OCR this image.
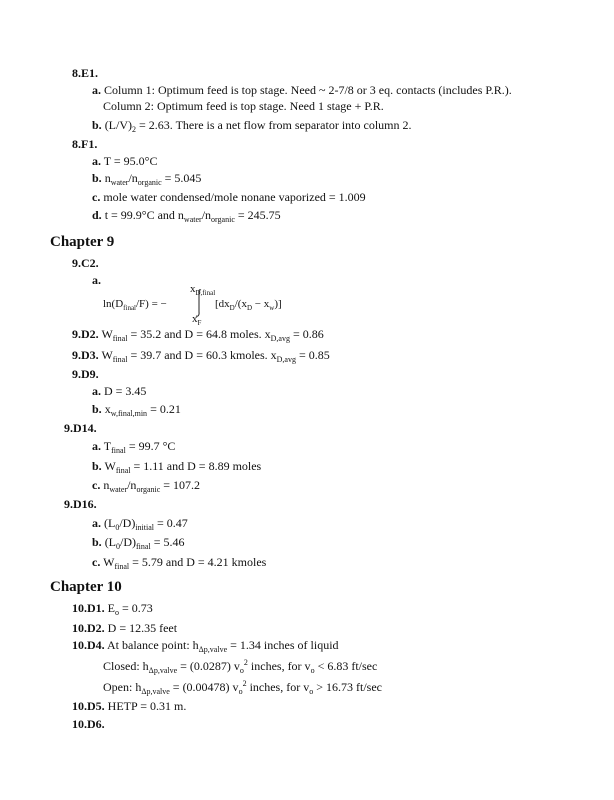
8.E1.
a. Column 1: Optimum feed is top stage. Need ~ 2-7/8 or 3 eq. contacts (includes P.R.).
Column 2: Optimum feed is top stage. Need 1 stage + P.R.
b. $(L/V)_2 = 2.63$. There is a net flow from separator into column 2.
8.F1.
a. T = 95.0°C
b. $n_{water}/n_{organic} = 5.045$
c. mole water condensed/mole nonane vaporized = 1.009
d. t = 99.9°C and $n_{water}/n_{organic} = 245.75$
Chapter 9
9.C2.
a.
$\ln(D_{final}/F)$ = −
$x_{D,final}$
$x_F$
$[dx_D/(x_D - x_w)]$
9.D2. $W_{final} = 35.2$ and D = 64.8 moles. $x_{D,avg} = 0.86$
9.D3. $W_{final} = 39.7$ and D = 60.3 kmoles. $x_{D,avg} = 0.85$
9.D9.
a. D = 3.45
b. $x_{w,final,min} = 0.21$
9.D14.
a. $T_{final} = 99.7$ °C
b. $W_{final} = 1.11$ and D = 8.89 moles
c. $n_{water}/n_{organic} = 107.2$
9.D16.
a. $(L_0/D)_{initial} = 0.47$
b. $(L_0/D)_{final} = 5.46$
c. $W_{final} = 5.79$ and D = 4.21 kmoles
Chapter 10
10.D1. $E_o = 0.73$
10.D2. D = 12.35 feet
10.D4. At balance point: $h_{\Delta p,valve} = 1.34$ inches of liquid
Closed: $h_{\Delta p,valve} = (0.0287)$ $v_o^2$ inches, for $v_o < 6.83$ ft/sec
Open: $h_{\Delta p,valve} = (0.00478)$ $v_o^2$ inches, for $v_o > 16.73$ ft/sec
10.D5. HETP = 0.31 m.
10.D6.
